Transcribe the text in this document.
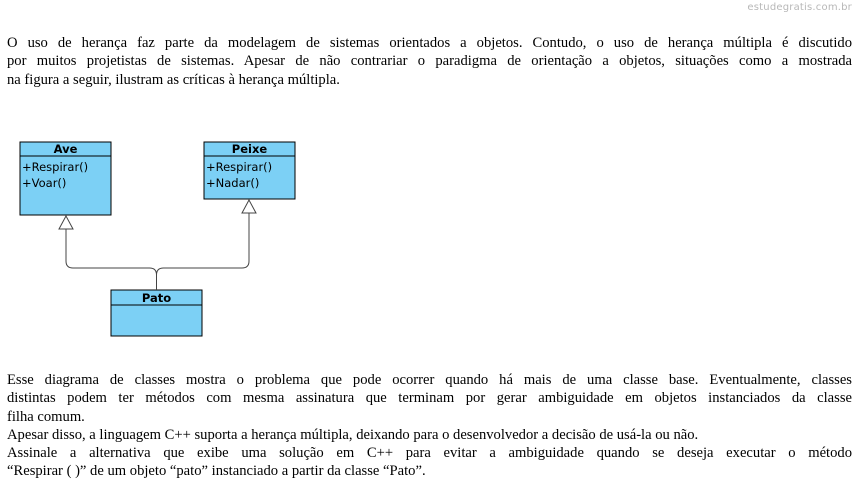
estudegratis.com.br
O uso de herança faz parte da modelagem de sistemas orientados a objetos. Contudo, o uso de herança múltipla é discutido
por muitos projetistas de sistemas. Apesar de não contrariar o paradigma de orientação a objetos, situações como a mostrada
na figura a seguir, ilustram as críticas à herança múltipla.
Ave
+Respirar()
+Voar()
Peixe
+Respirar()
+Nadar()
Pato
Esse diagrama de classes mostra o problema que pode ocorrer quando há mais de uma classe base. Eventualmente, classes
distintas podem ter métodos com mesma assinatura que terminam por gerar ambiguidade em objetos instanciados da classe
filha comum.
Apesar disso, a linguagem C++ suporta a herança múltipla, deixando para o desenvolvedor a decisão de usá-la ou não.
Assinale a alternativa que exibe uma solução em C++ para evitar a ambiguidade quando se deseja executar o método
“Respirar ( )” de um objeto “pato” instanciado a partir da classe “Pato”.
